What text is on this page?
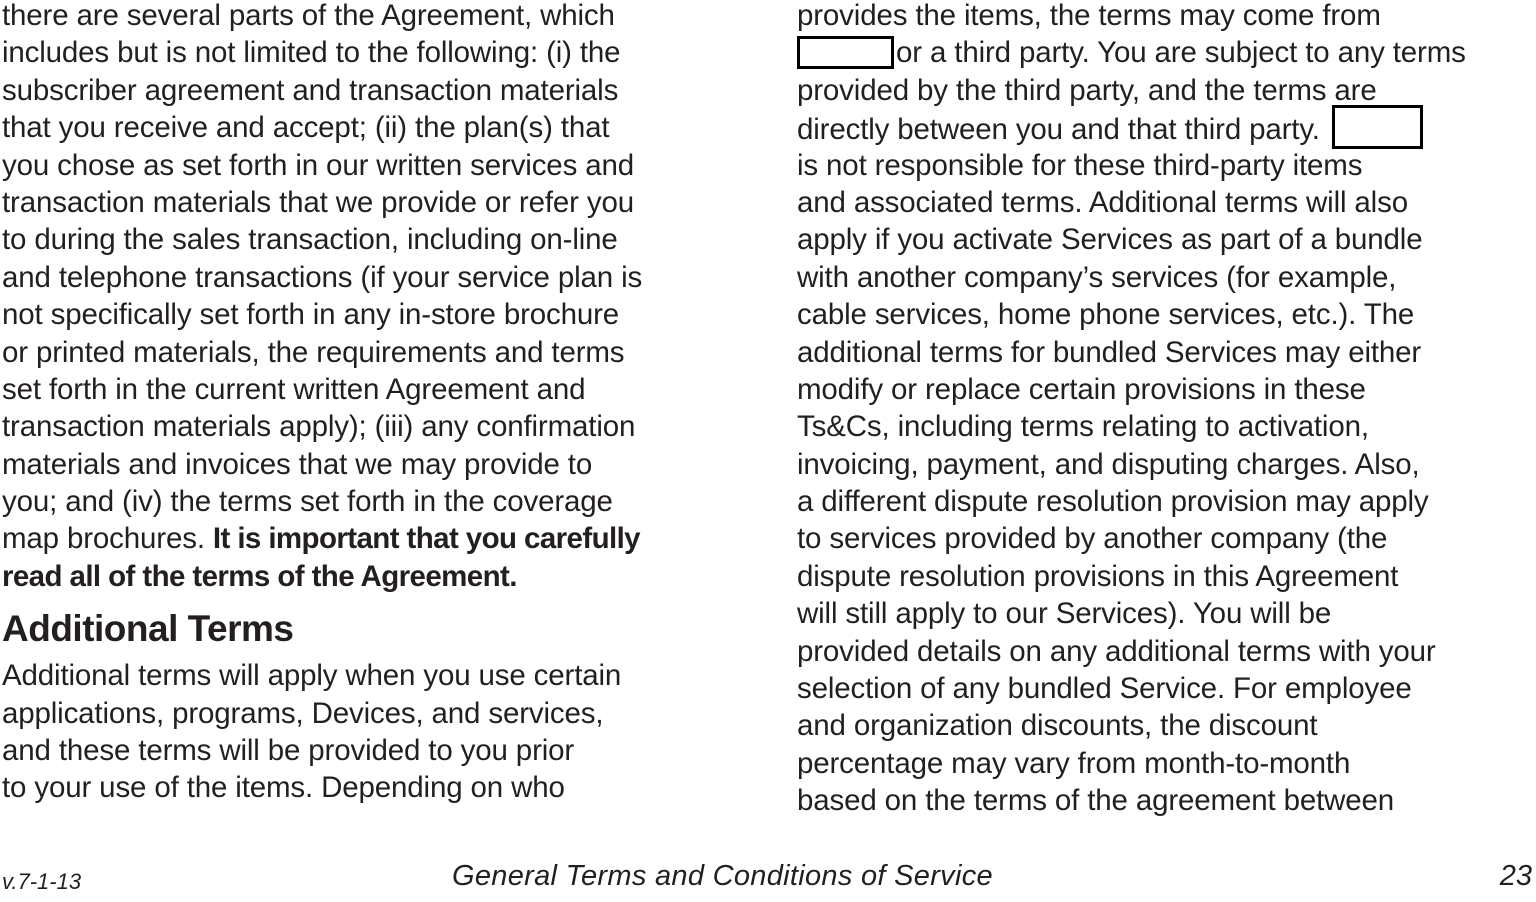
there are several parts of the Agreement, which
includes but is not limited to the following: (i) the
subscriber agreement and transaction materials
that you receive and accept; (ii) the plan(s) that
you chose as set forth in our written services and
transaction materials that we provide or refer you
to during the sales transaction, including on-line
and telephone transactions (if your service plan is
not specifically set forth in any in-store brochure
or printed materials, the requirements and terms
set forth in the current written Agreement and
transaction materials apply); (iii) any confirmation
materials and invoices that we may provide to
you; and (iv) the terms set forth in the coverage
map brochures. It is important that you carefully
read all of the terms of the Agreement.
Additional Terms
Additional terms will apply when you use certain
applications, programs, Devices, and services,
and these terms will be provided to you prior
to your use of the items. Depending on who
provides the items, the terms may come from
or a third party. You are subject to any terms
provided by the third party, and the terms are
directly between you and that third party.
is not responsible for these third-party items
and associated terms. Additional terms will also
apply if you activate Services as part of a bundle
with another company’s services (for example,
cable services, home phone services, etc.). The
additional terms for bundled Services may either
modify or replace certain provisions in these
Ts&Cs, including terms relating to activation,
invoicing, payment, and disputing charges. Also,
a different dispute resolution provision may apply
to services provided by another company (the
dispute resolution provisions in this Agreement
will still apply to our Services). You will be
provided details on any additional terms with your
selection of any bundled Service. For employee
and organization discounts, the discount
percentage may vary from month-to-month
based on the terms of the agreement between
v.7-1-13	General Terms and Conditions of Service	23
